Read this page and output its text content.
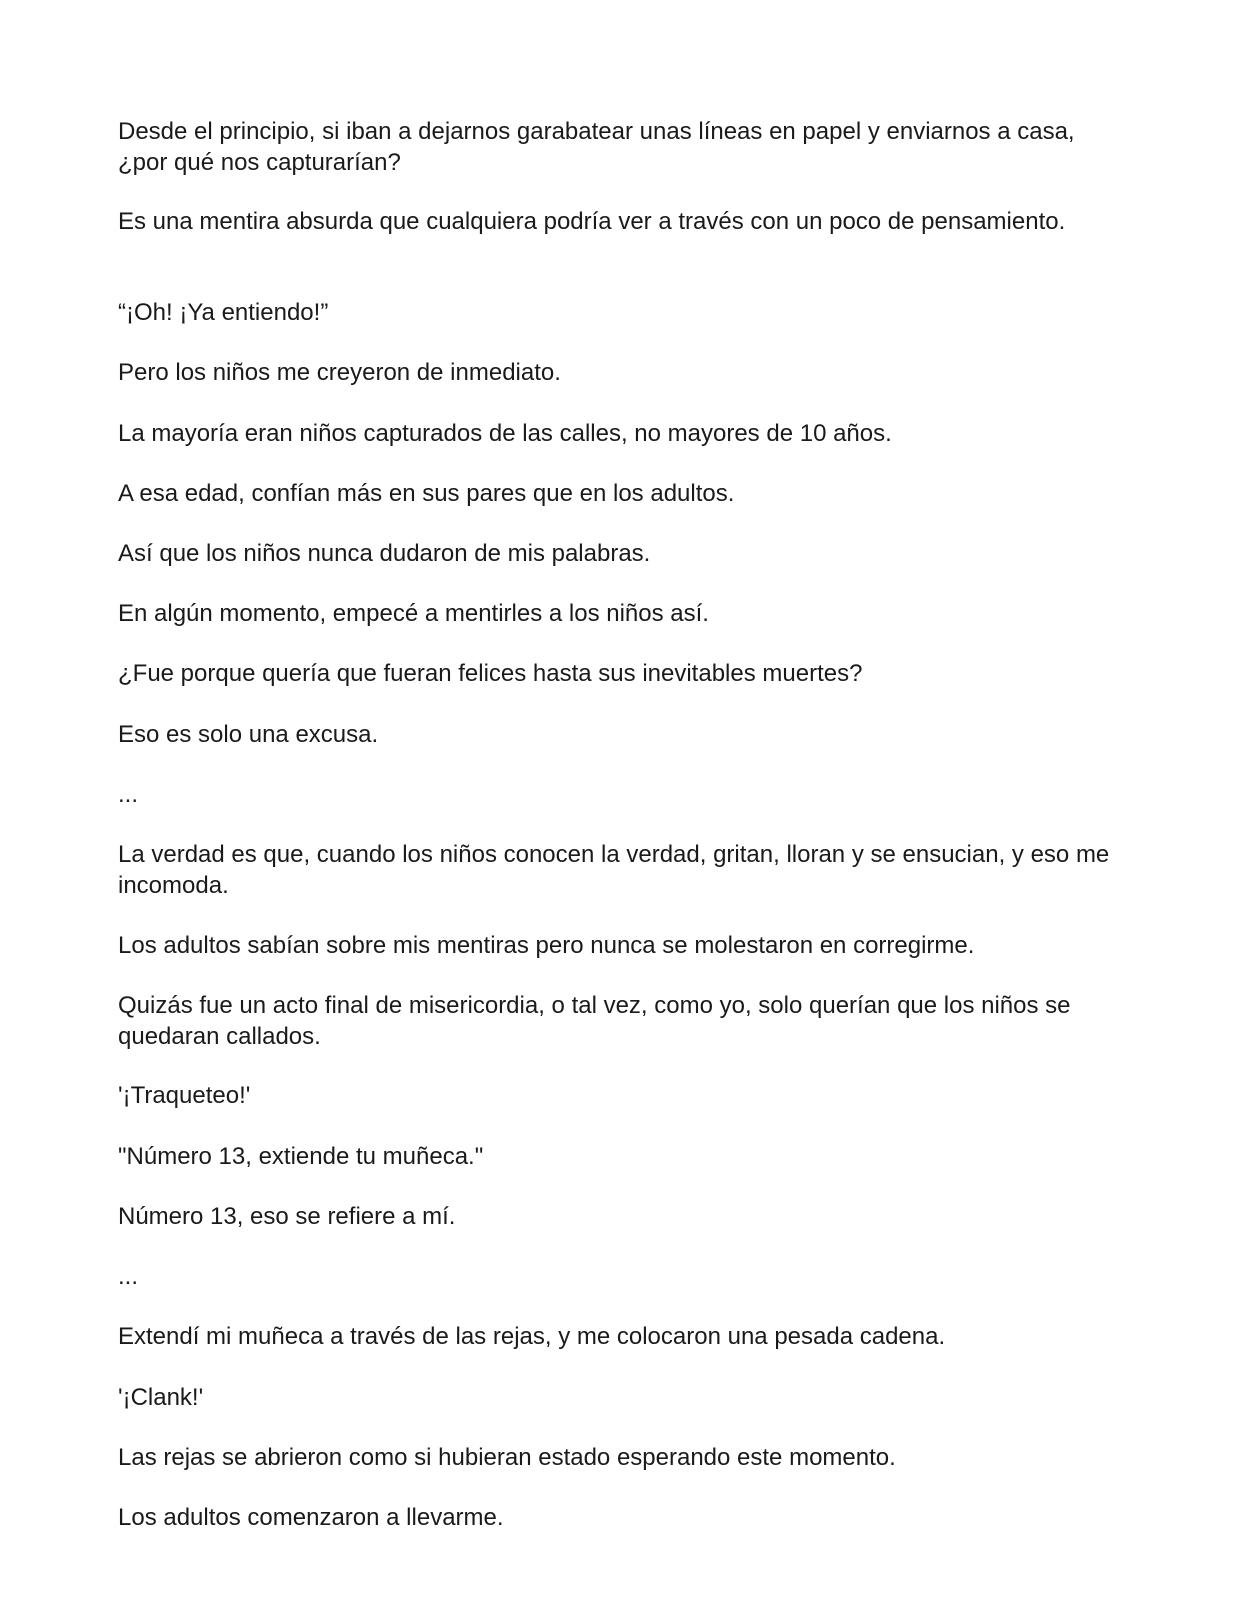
Desde el principio, si iban a dejarnos garabatear unas líneas en papel y enviarnos a casa, ¿por qué nos capturarían?

Es una mentira absurda que cualquiera podría ver a través con un poco de pensamiento.

“¡Oh! ¡Ya entiendo!”

Pero los niños me creyeron de inmediato.

La mayoría eran niños capturados de las calles, no mayores de 10 años.

A esa edad, confían más en sus pares que en los adultos.

Así que los niños nunca dudaron de mis palabras.

En algún momento, empecé a mentirles a los niños así.

¿Fue porque quería que fueran felices hasta sus inevitables muertes?

Eso es solo una excusa.

...

La verdad es que, cuando los niños conocen la verdad, gritan, lloran y se ensucian, y eso me incomoda.

Los adultos sabían sobre mis mentiras pero nunca se molestaron en corregirme.

Quizás fue un acto final de misericordia, o tal vez, como yo, solo querían que los niños se quedaran callados.

'¡Traqueteo!'

"Número 13, extiende tu muñeca."

Número 13, eso se refiere a mí.

...

Extendí mi muñeca a través de las rejas, y me colocaron una pesada cadena.

'¡Clank!'

Las rejas se abrieron como si hubieran estado esperando este momento.

Los adultos comenzaron a llevarme.
